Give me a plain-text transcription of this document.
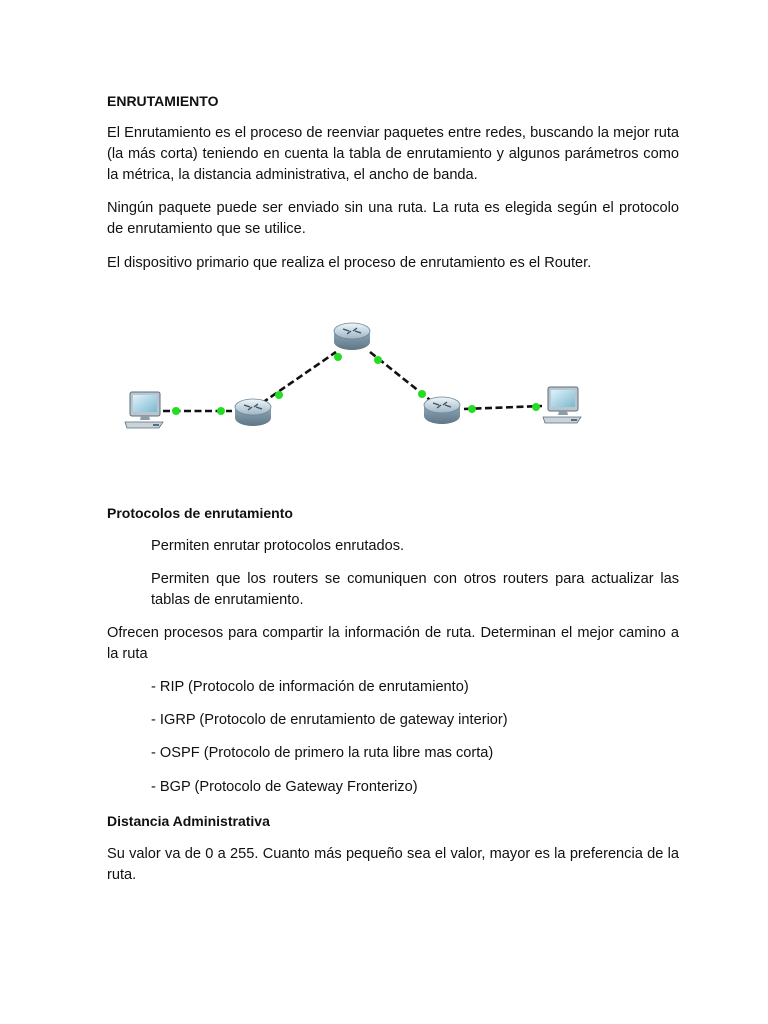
ENRUTAMIENTO

El Enrutamiento es el proceso de reenviar paquetes entre redes, buscando la mejor ruta (la más corta) teniendo en cuenta la tabla de enrutamiento y algunos parámetros como la métrica, la distancia administrativa, el ancho de banda.

Ningún paquete puede ser enviado sin una ruta. La ruta es elegida según el protocolo de enrutamiento que se utilice.

El dispositivo primario que realiza el proceso de enrutamiento es el Router.

Protocolos de enrutamiento

Permiten enrutar protocolos enrutados.

Permiten que los routers se comuniquen con otros routers para actualizar las tablas de enrutamiento.

Ofrecen procesos para compartir la información de ruta. Determinan el mejor camino a la ruta

- RIP (Protocolo de información de enrutamiento)

- IGRP (Protocolo de enrutamiento de gateway interior)

- OSPF (Protocolo de primero la ruta libre mas corta)

- BGP (Protocolo de Gateway Fronterizo)

Distancia Administrativa

Su valor va de 0 a 255. Cuanto más pequeño sea el valor, mayor es la preferencia de la ruta.
